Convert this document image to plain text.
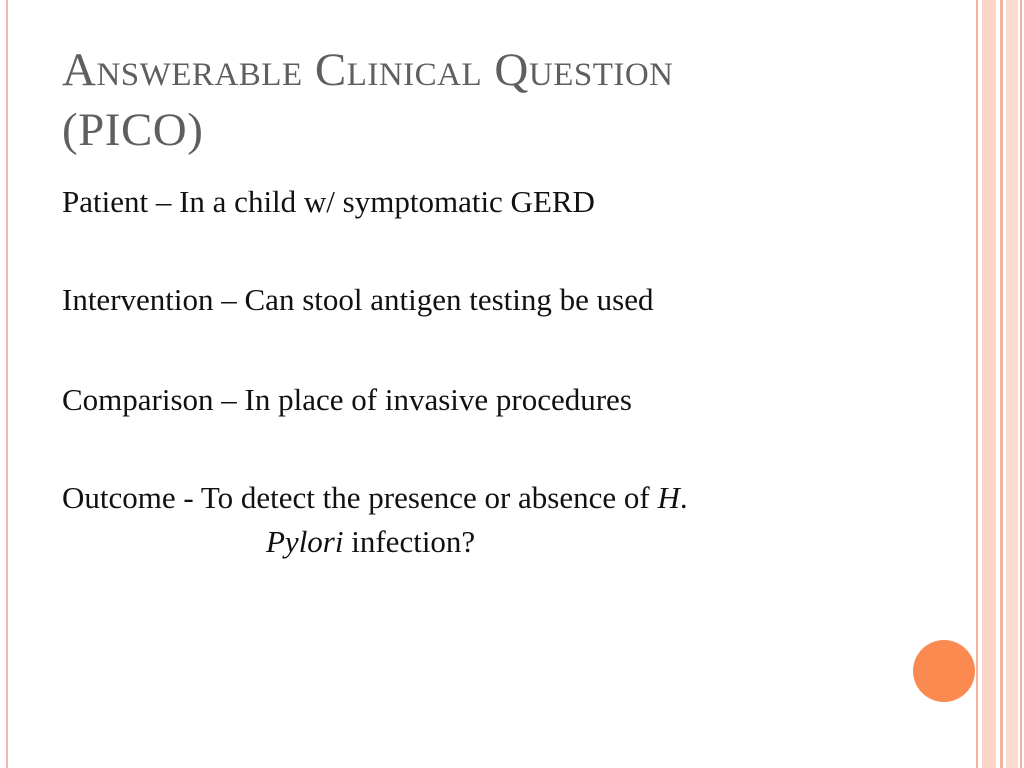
Answerable Clinical Question
(PICO)
Patient – In a child w/ symptomatic GERD
Intervention – Can stool antigen testing be used
Comparison – In place of invasive procedures
Outcome - To detect the presence or absence of H.
Pylori infection?
